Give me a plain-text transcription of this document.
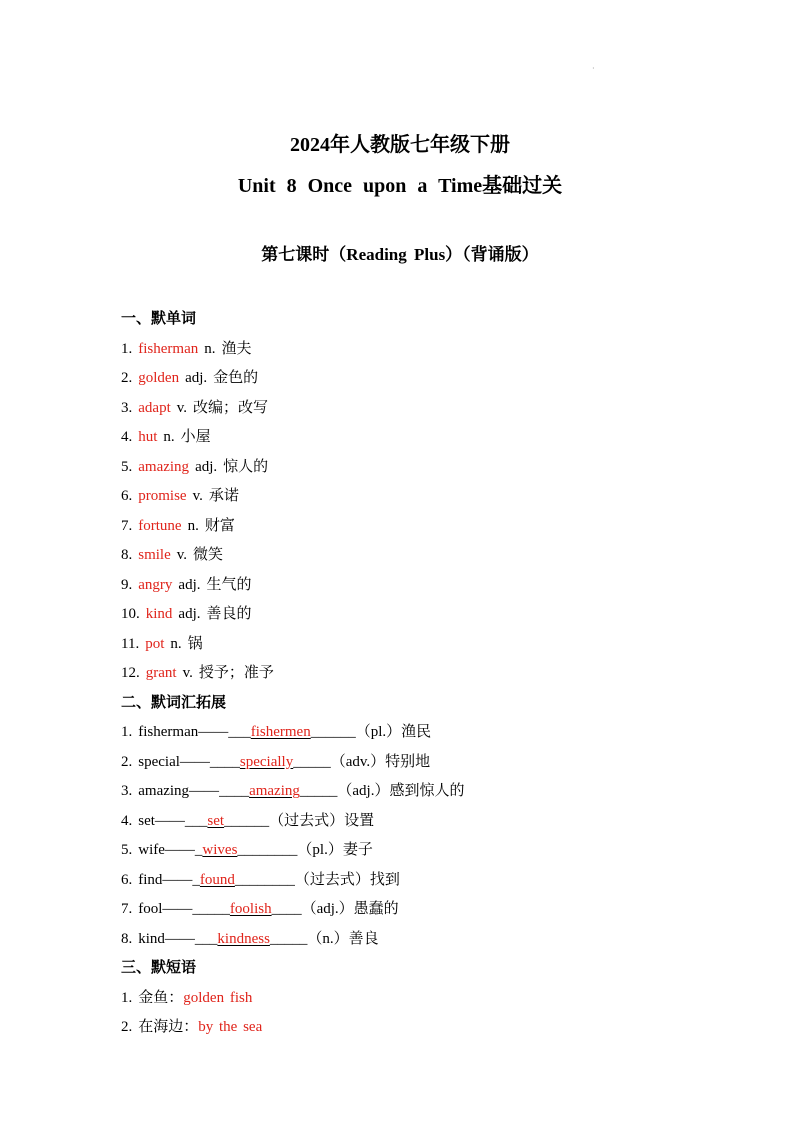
·
2024年人教版七年级下册
Unit 8 Once upon a Time基础过关
第七课时（Reading Plus）（背诵版）
一、默单词
1. fisherman n. 渔夫
2. golden adj. 金色的
3. adapt v. 改编；改写
4. hut n. 小屋
5. amazing adj. 惊人的
6. promise v. 承诺
7. fortune n. 财富
8. smile v. 微笑
9. angry adj. 生气的
10. kind adj. 善良的
11. pot n. 锅
12. grant v. 授予；准予
二、默词汇拓展
1. fisherman——___fishermen______（pl.）渔民
2. special——____specially_____（adv.）特别地
3. amazing——____amazing_____（adj.）感到惊人的
4. set——___set______（过去式）设置
5. wife——_wives________（pl.）妻子
6. find——_found________（过去式）找到
7. fool——_____foolish____（adj.）愚蠢的
8. kind——___kindness_____（n.）善良
三、默短语
1. 金鱼：golden fish
2. 在海边：by the sea
